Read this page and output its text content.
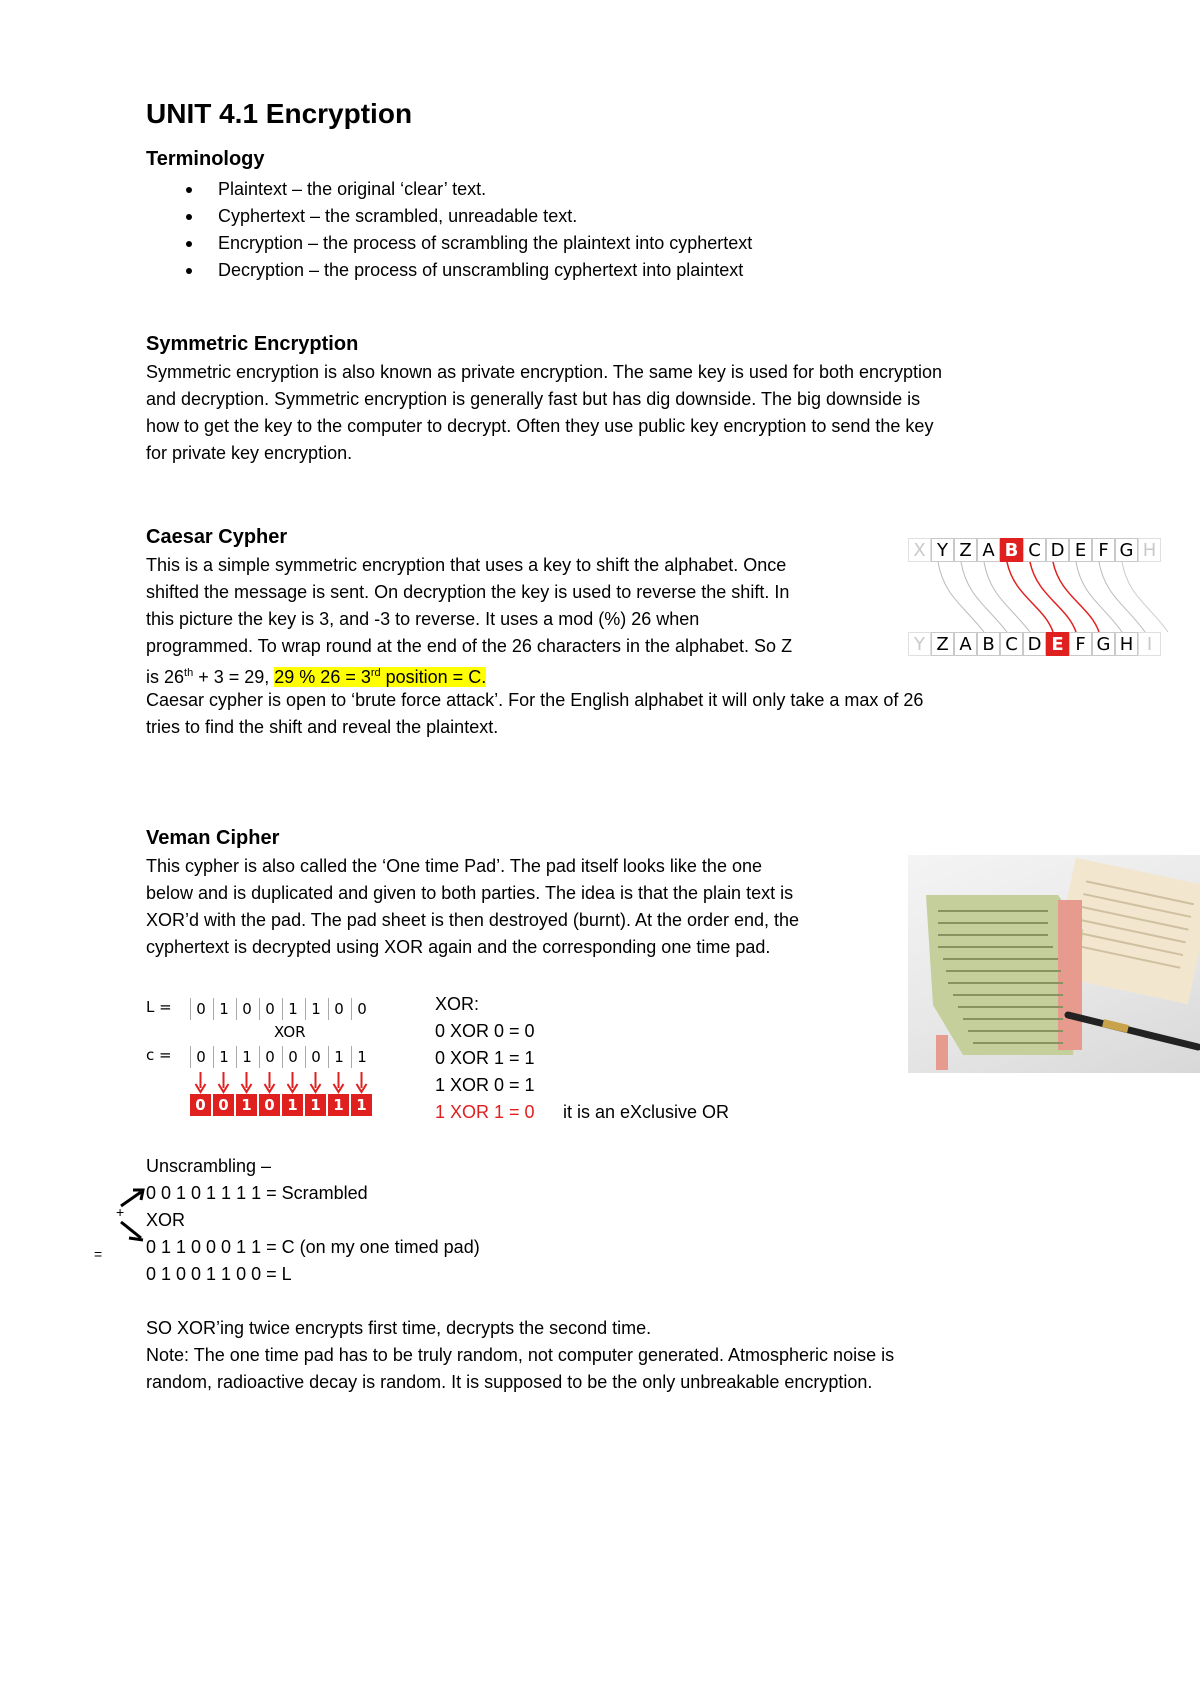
UNIT 4.1 Encryption
Terminology
Plaintext – the original ‘clear’ text.
Cyphertext – the scrambled, unreadable text.
Encryption – the process of scrambling the plaintext into cyphertext
Decryption – the process of unscrambling cyphertext into plaintext
Symmetric Encryption
Symmetric encryption is also known as private encryption. The same key is used for both encryption
and decryption. Symmetric encryption is generally fast but has dig downside. The big downside is
how to get the key to the computer to decrypt. Often they use public key encryption to send the key
for private key encryption.
Caesar Cypher
This is a simple symmetric encryption that uses a key to shift the alphabet. Once
shifted the message is sent. On decryption the key is used to reverse the shift. In
this picture the key is 3, and -3 to reverse. It uses a mod (%) 26 when
programmed. To wrap round at the end of the 26 characters in the alphabet. So Z
is 26th + 3 = 29, 29 % 26 = 3rd position = C.
Caesar cypher is open to ‘brute force attack’. For the English alphabet it will only take a max of 26
tries to find the shift and reveal the plaintext.
X Y Z A B C D E F G H
Y Z A B C D E F G H I
Veman Cipher
This cypher is also called the ‘One time Pad’. The pad itself looks like the one
below and is duplicated and given to both parties. The idea is that the plain text is
XOR’d with the pad. The pad sheet is then destroyed (burnt). At the order end, the
cyphertext is decrypted using XOR again and the corresponding one time pad.
L =	0 1 0 0 1 1 0 0
XOR
c =	0 1 1 0 0 0 1 1
0 0 1 0 1 1 1 1
XOR:
0 XOR 0 = 0
0 XOR 1 = 1
1 XOR 0 = 1
1 XOR 1 = 0 it is an eXclusive OR
Unscrambling –
0 0 1 0 1 1 1 1 = Scrambled
XOR
0 1 1 0 0 0 1 1 = C (on my one timed pad)
0 1 0 0 1 1 0 0 = L
+
=
SO XOR’ing twice encrypts first time, decrypts the second time.
Note: The one time pad has to be truly random, not computer generated. Atmospheric noise is
random, radioactive decay is random. It is supposed to be the only unbreakable encryption.
